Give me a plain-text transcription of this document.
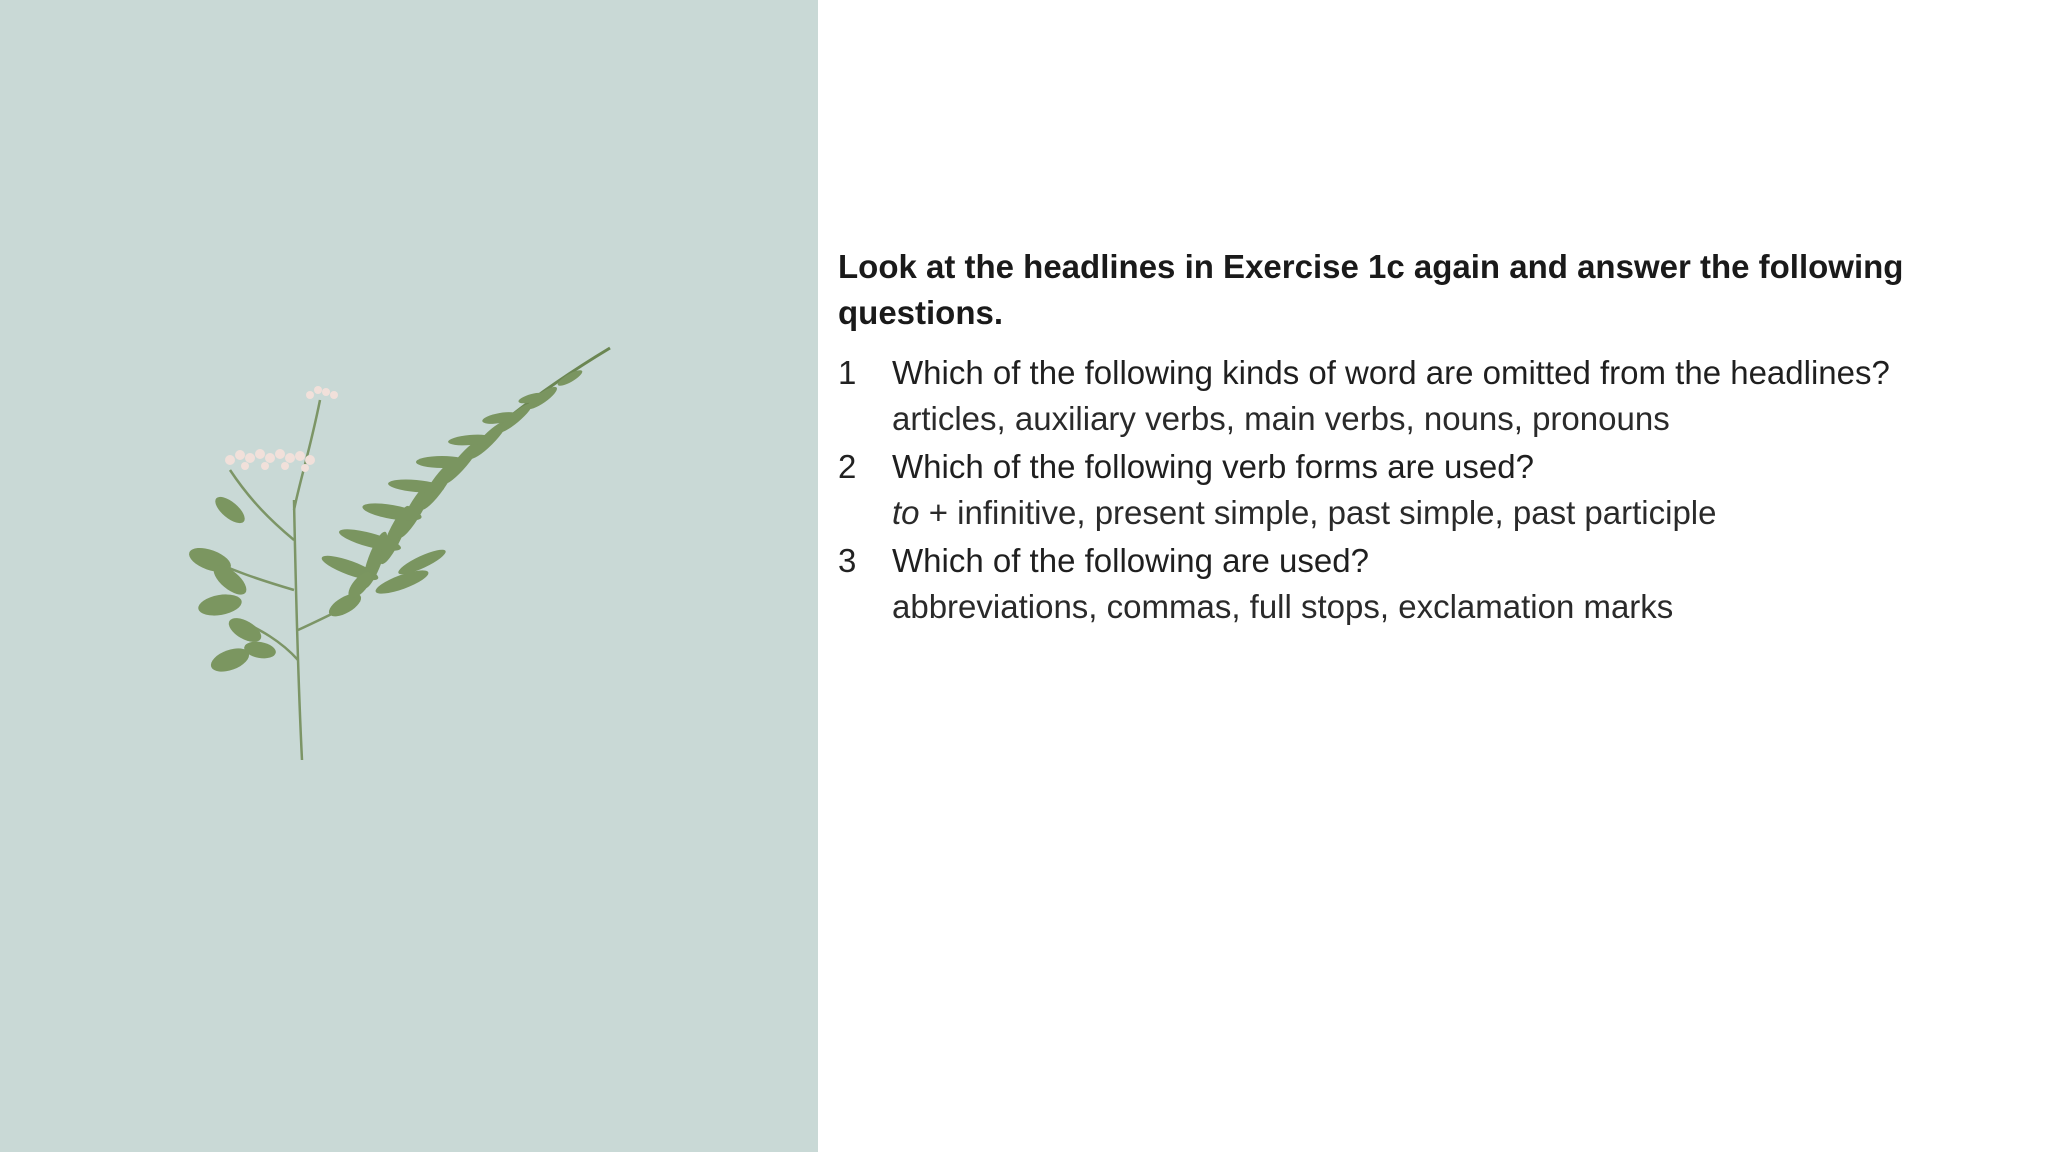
Look at the headlines in Exercise 1c again and answer the following questions.

1	Which of the following kinds of word are omitted from the headlines?
articles, auxiliary verbs, main verbs, nouns, pronouns
2	Which of the following verb forms are used?
to + infinitive, present simple, past simple, past participle
3	Which of the following are used?
abbreviations, commas, full stops, exclamation marks
